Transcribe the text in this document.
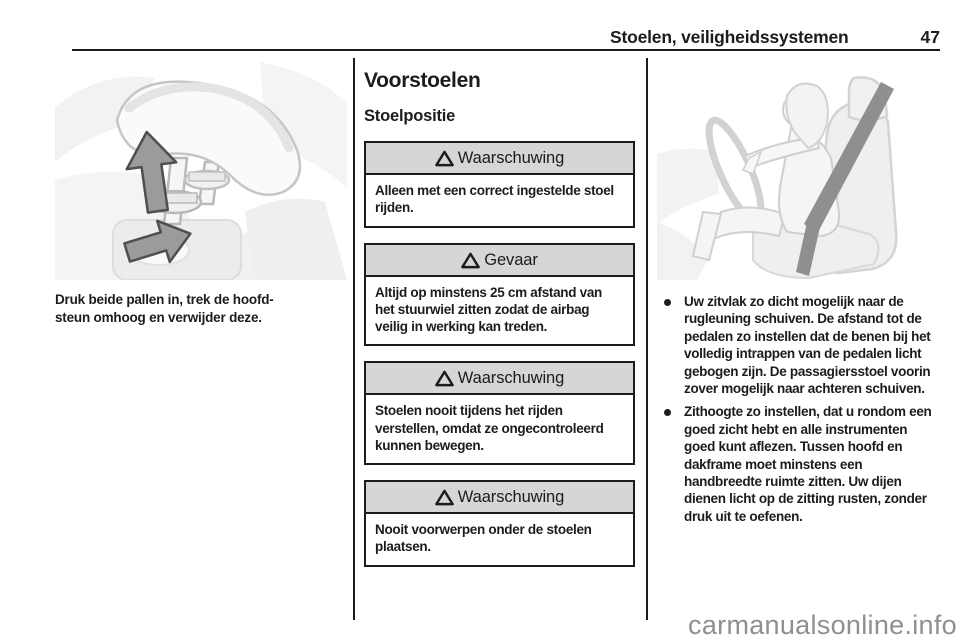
Stoelen, veiligheidssystemen	47
Druk beide pallen in, trek de hoofd-
steun omhoog en verwijder deze.
Voorstoelen
Stoelpositie
Waarschuwing
Alleen met een correct ingestelde stoel rijden.
Gevaar
Altijd op minstens 25 cm afstand van het stuurwiel zitten zodat de airbag veilig in werking kan treden.
Waarschuwing
Stoelen nooit tijdens het rijden verstellen, omdat ze ongecontroleerd kunnen bewegen.
Waarschuwing
Nooit voorwerpen onder de stoelen plaatsen.
Uw zitvlak zo dicht mogelijk naar de rugleuning schuiven. De afstand tot de pedalen zo instellen dat de benen bij het volledig intrappen van de pedalen licht gebogen zijn. De passagiersstoel voorin zover mogelijk naar achteren schuiven.
Zithoogte zo instellen, dat u rondom een goed zicht hebt en alle instrumenten goed kunt aflezen. Tussen hoofd en dakframe moet minstens een handbreedte ruimte zitten. Uw dijen dienen licht op de zitting rusten, zonder druk uit te oefenen.
carmanualsonline.info
